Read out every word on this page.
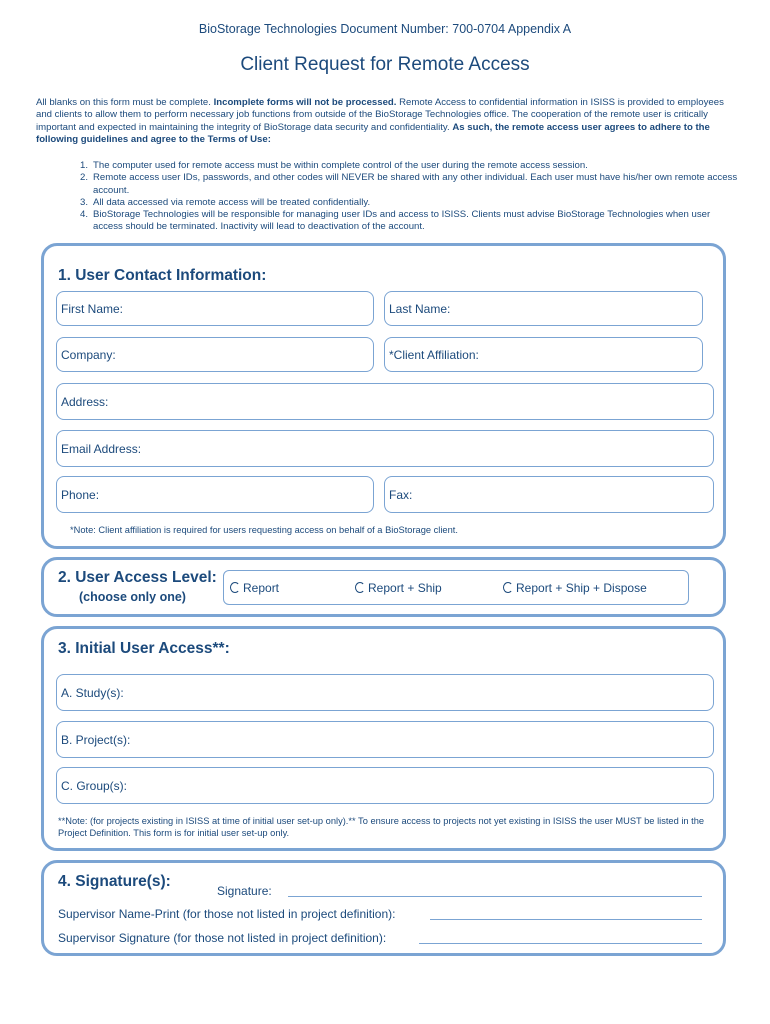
BioStorage Technologies Document Number: 700-0704 Appendix A
Client Request for Remote Access
All blanks on this form must be complete. Incomplete forms will not be processed. Remote Access to confidential information in ISISS is provided to employees and clients to allow them to perform necessary job functions from outside of the BioStorage Technologies office. The cooperation of the remote user is critically important and expected in maintaining the integrity of BioStorage data security and confidentiality. As such, the remote access user agrees to adhere to the following guidelines and agree to the Terms of Use:
1. The computer used for remote access must be within complete control of the user during the remote access session.
2. Remote access user IDs, passwords, and other codes will NEVER be shared with any other individual. Each user must have his/her own remote access account.
3. All data accessed via remote access will be treated confidentially.
4. BioStorage Technologies will be responsible for managing user IDs and access to ISISS. Clients must advise BioStorage Technologies when user access should be terminated. Inactivity will lead to deactivation of the account.
1. User Contact Information:
First Name:	Last Name:
Company:	*Client Affiliation:
Address:
Email Address:
Phone:	Fax:
*Note: Client affiliation is required for users requesting access on behalf of a BioStorage client.
2. User Access Level:
(choose only one)
Report	Report + Ship	Report + Ship + Dispose
3. Initial User Access**:
A. Study(s):
B. Project(s):
C. Group(s):
**Note: (for projects existing in ISISS at time of initial user set-up only).** To ensure access to projects not yet existing in ISISS the user MUST be listed in the Project Definition. This form is for initial user set-up only.
4. Signature(s):
Signature:
Supervisor Name-Print (for those not listed in project definition):
Supervisor Signature (for those not listed in project definition):
